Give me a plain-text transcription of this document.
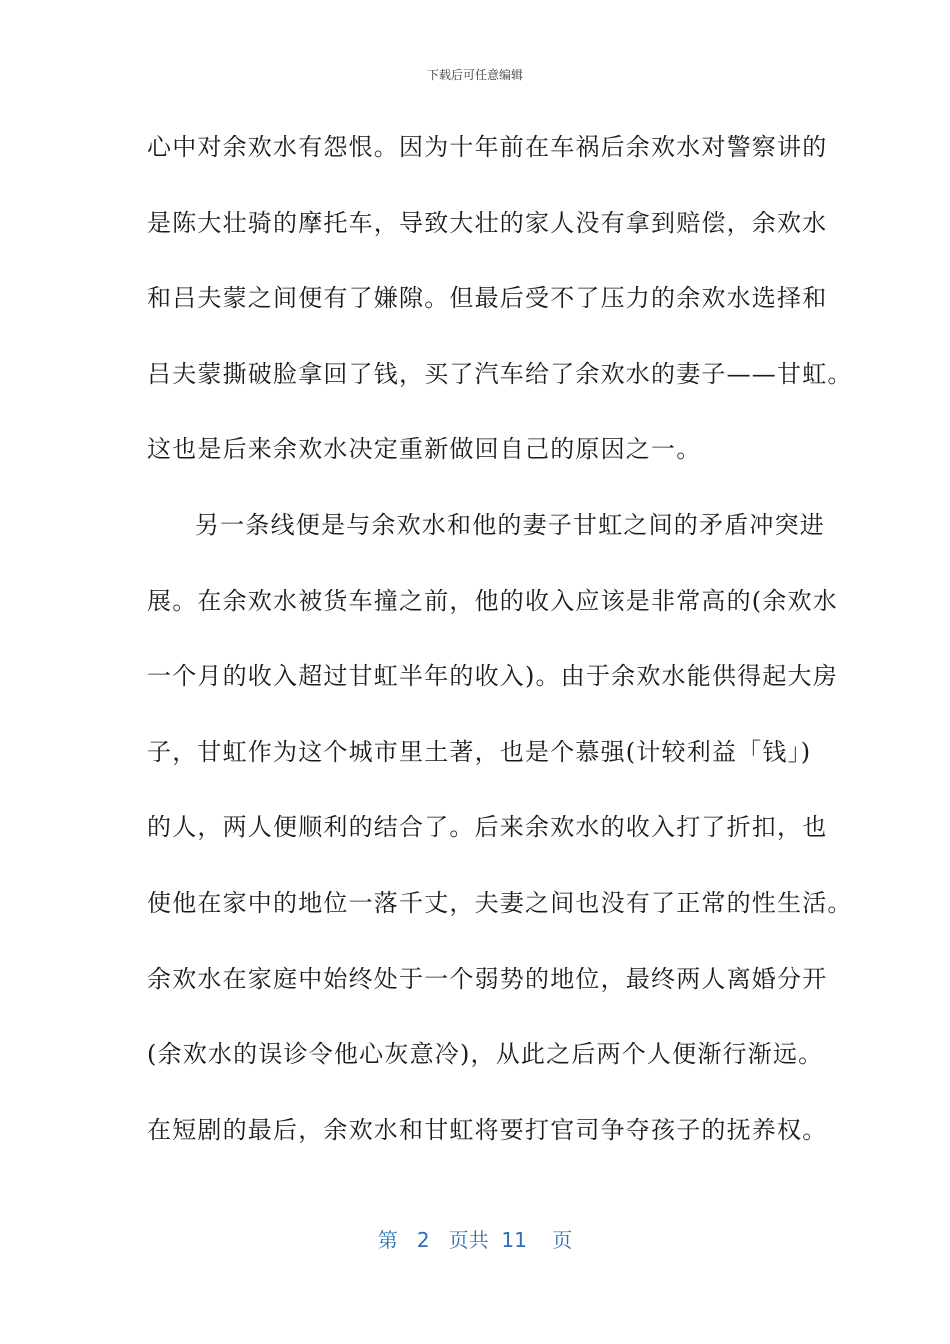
下载后可任意编辑
心中对余欢水有怨恨。因为十年前在车祸后余欢水对警察讲的
是陈大壮骑的摩托车，导致大壮的家人没有拿到赔偿，余欢水
和吕夫蒙之间便有了嫌隙。但最后受不了压力的余欢水选择和
吕夫蒙撕破脸拿回了钱，买了汽车给了余欢水的妻子——甘虹。
这也是后来余欢水决定重新做回自己的原因之一。
另一条线便是与余欢水和他的妻子甘虹之间的矛盾冲突进
展。在余欢水被货车撞之前，他的收入应该是非常高的(余欢水
一个月的收入超过甘虹半年的收入)。由于余欢水能供得起大房
子，甘虹作为这个城市里土著，也是个慕强(计较利益「钱」)
的人，两人便顺利的结合了。后来余欢水的收入打了折扣，也
使他在家中的地位一落千丈，夫妻之间也没有了正常的性生活。
余欢水在家庭中始终处于一个弱势的地位，最终两人离婚分开
(余欢水的误诊令他心灰意冷)，从此之后两个人便渐行渐远。
在短剧的最后，余欢水和甘虹将要打官司争夺孩子的抚养权。
第 2 页共 11 页
